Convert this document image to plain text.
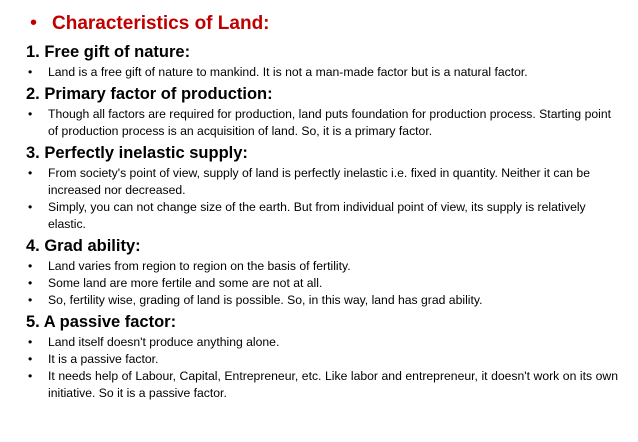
• Characteristics of Land:
1. Free gift of nature:
•	Land is a free gift of nature to mankind. It is not a man-made factor but is a natural factor.
2. Primary factor of production:
•	Though all factors are required for production, land puts foundation for production process. Starting point of production process is an acquisition of land. So, it is a primary factor.
3. Perfectly inelastic supply:
•	From society's point of view, supply of land is perfectly inelastic i.e. fixed in quantity. Neither it can be increased nor decreased.
•	Simply, you can not change size of the earth. But from individual point of view, its supply is relatively elastic.
4. Grad ability:
•	Land varies from region to region on the basis of fertility.
•	Some land are more fertile and some are not at all.
•	So, fertility wise, grading of land is possible. So, in this way, land has grad ability.
5. A passive factor:
•	Land itself doesn't produce anything alone.
•	It is a passive factor.
•	It needs help of Labour, Capital, Entrepreneur, etc. Like labor and entrepreneur, it doesn't work on its own initiative. So it is a passive factor.
